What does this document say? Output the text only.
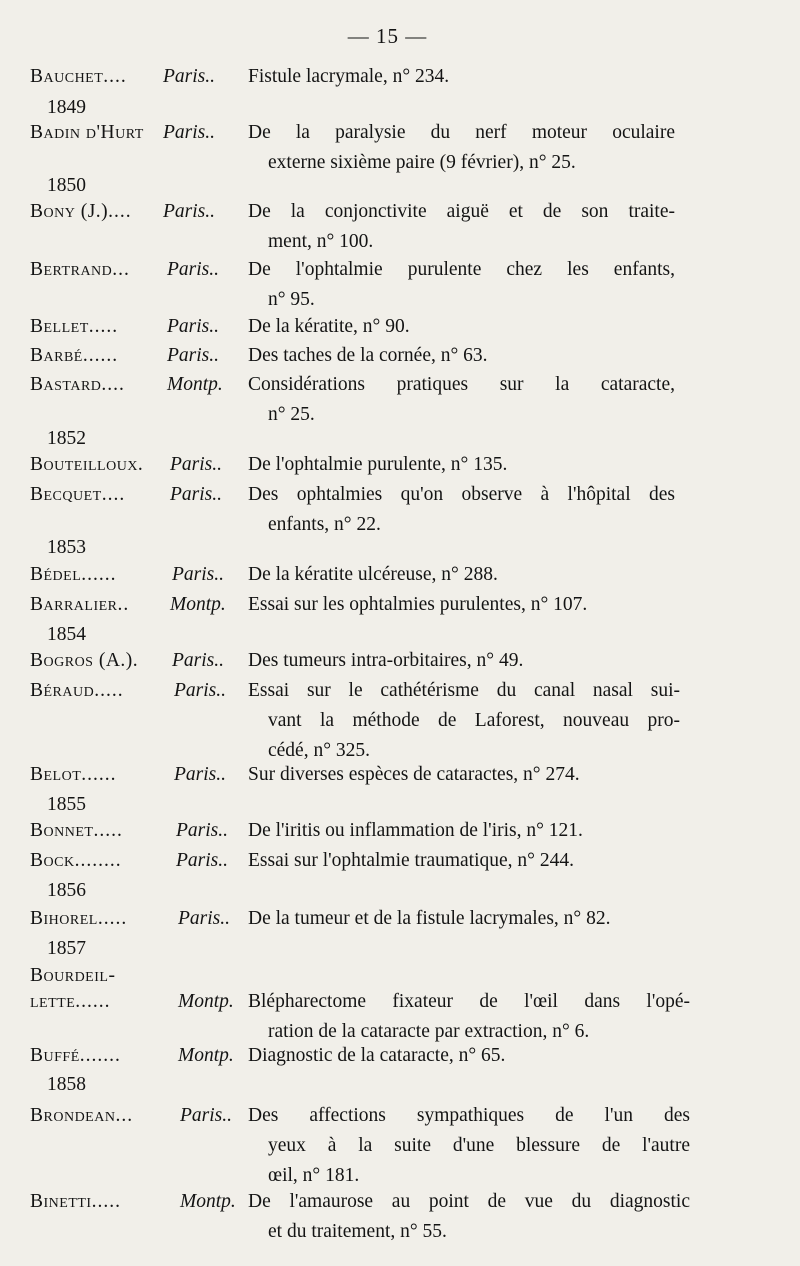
— 15 —
Bauchet.... Paris.. Fistule lacrymale, n° 234.
1849
Badin d'Hurt Paris.. De la paralysie du nerf moteur oculaire
externe sixième paire (9 février), n° 25.
1850
Bony (J.).... Paris.. De la conjonctivite aiguë et de son traite-
ment, n° 100.
Bertrand... Paris.. De l'ophtalmie purulente chez les enfants,
n° 95.
Bellet.....	Paris.. De la kératite, n° 90.
Barbé......	Paris.. Des taches de la cornée, n° 63.
Bastard.... Montp. Considérations pratiques sur la cataracte,
n° 25.
1852
Bouteilloux. Paris.. De l'ophtalmie purulente, n° 135.
Becquet.... Paris.. Des ophtalmies qu'on observe à l'hôpital des
enfants, n° 22.
1853
Bédel......	Paris.. De la kératite ulcéreuse, n° 288.
Barralier.. Montp. Essai sur les ophtalmies purulentes, n° 107.
1854
Bogros (A.). Paris.. Des tumeurs intra-orbitaires, n° 49.
Béraud.....	Paris.. Essai sur le cathétérisme du canal nasal sui-
vant la méthode de Laforest, nouveau pro-
cédé, n° 325.
Belot......	Paris.. Sur diverses espèces de cataractes, n° 274.
1855
Bonnet.....	Paris.. De l'iritis ou inflammation de l'iris, n° 121.
Bock........	Paris.. Essai sur l'ophtalmie traumatique, n° 244.
1856
Bihorel.....	Paris.. De la tumeur et de la fistule lacrymales, n° 82.
1857
Bourdeil-
lette......	Montp. Blépharectome fixateur de l'œil dans l'opé-
ration de la cataracte par extraction, n° 6.
Buffé.......	Montp. Diagnostic de la cataracte, n° 65.
1858
Brondean... Paris.. Des affections sympathiques de l'un des
yeux à la suite d'une blessure de l'autre
œil, n° 181.
Binetti.....	Montp. De l'amaurose au point de vue du diagnostic
et du traitement, n° 55.
